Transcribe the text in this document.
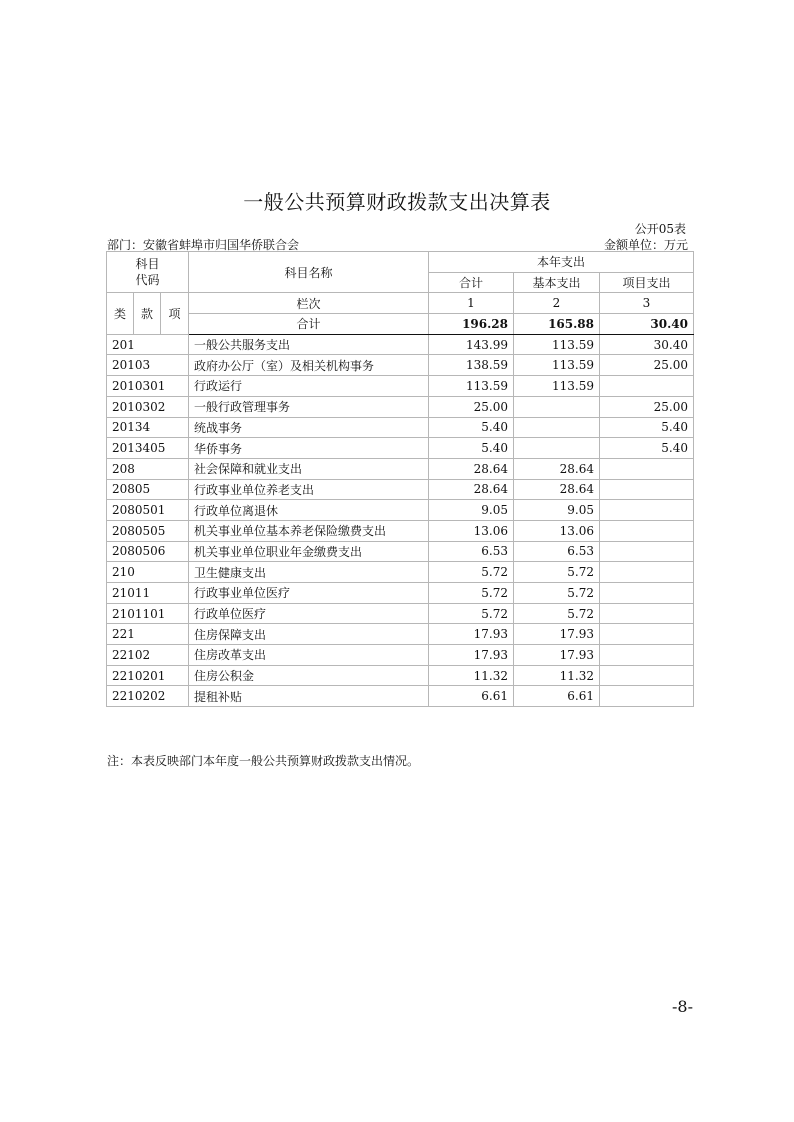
一般公共预算财政拨款支出决算表
公开05表
部门：安徽省蚌埠市归国华侨联合会	金额单位：万元
科目
代码			科目名称	本年支出		
				合计	基本支出	项目支出

类	款	项	栏次	1	2	3
			合计	196.28	165.88	30.40
201			一般公共服务支出	143.99	113.59	30.40
20103			政府办公厅（室）及相关机构事务	138.59	113.59	25.00
2010301			行政运行	113.59	113.59	
2010302			一般行政管理事务	25.00		25.00
20134			统战事务	5.40		5.40
2013405			华侨事务	5.40		5.40
208			社会保障和就业支出	28.64	28.64	
20805			行政事业单位养老支出	28.64	28.64	
2080501			行政单位离退休	9.05	9.05	
2080505			机关事业单位基本养老保险缴费支出	13.06	13.06	
2080506			机关事业单位职业年金缴费支出	6.53	6.53	
210			卫生健康支出	5.72	5.72	
21011			行政事业单位医疗	5.72	5.72	
2101101			行政单位医疗	5.72	5.72	
221			住房保障支出	17.93	17.93	
22102			住房改革支出	17.93	17.93	
2210201			住房公积金	11.32	11.32	
2210202			提租补贴	6.61	6.61	
注：本表反映部门本年度一般公共预算财政拨款支出情况。
-8-
